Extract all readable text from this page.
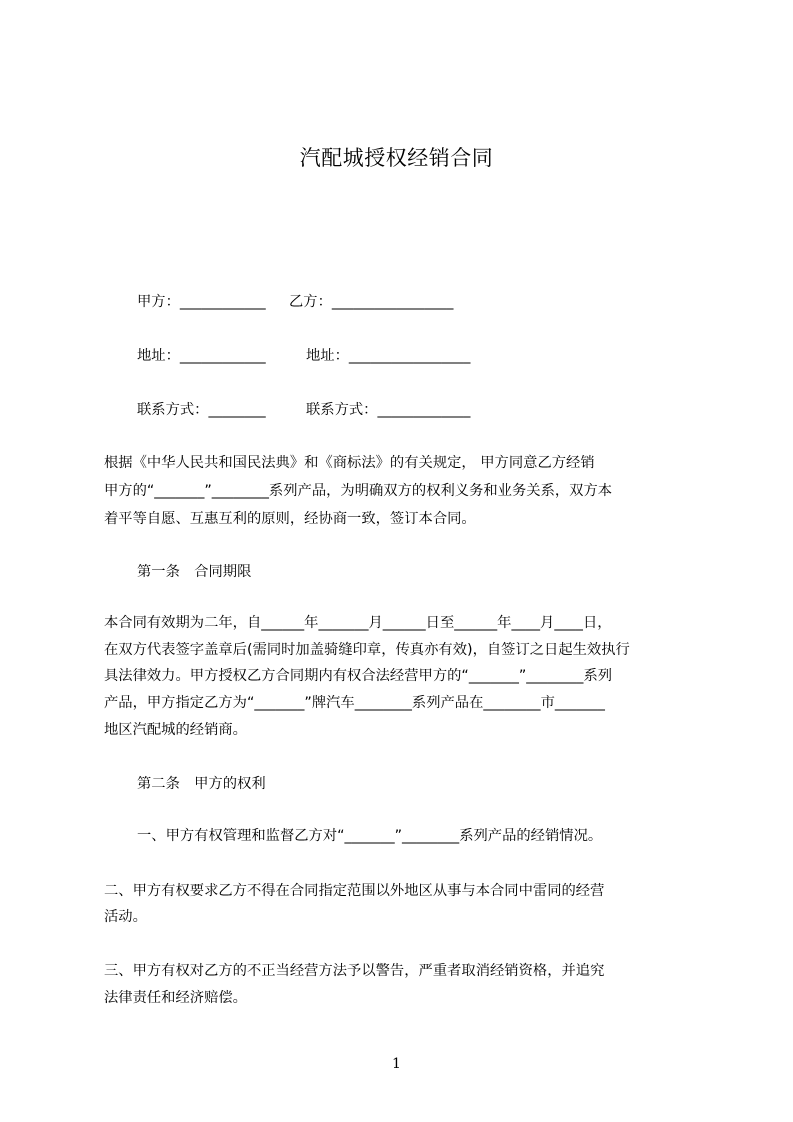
汽配城授权经销合同
甲方：____________ 乙方：_________________
地址：____________	地址：_________________
联系方式：________	联系方式：_____________
根据《中华人民共和国民法典》和《商标法》的有关规定， 甲方同意乙方经销
甲方的“_______”________系列产品，为明确双方的权利义务和业务关系，双方本
着平等自愿、互惠互利的原则，经协商一致，签订本合同。
第一条　合同期限
本合同有效期为二年，自______年_______月______日至______年____月____日，
在双方代表签字盖章后(需同时加盖骑缝印章，传真亦有效)，自签订之日起生效执行
具法律效力。甲方授权乙方合同期内有权合法经营甲方的“_______”________系列
产品，甲方指定乙方为“_______”牌汽车________系列产品在________市_______
地区汽配城的经销商。
第二条　甲方的权利
一、甲方有权管理和监督乙方对“_______”________系列产品的经销情况。
二、甲方有权要求乙方不得在合同指定范围以外地区从事与本合同中雷同的经营
活动。
三、甲方有权对乙方的不正当经营方法予以警告，严重者取消经销资格，并追究
法律责任和经济赔偿。
1
